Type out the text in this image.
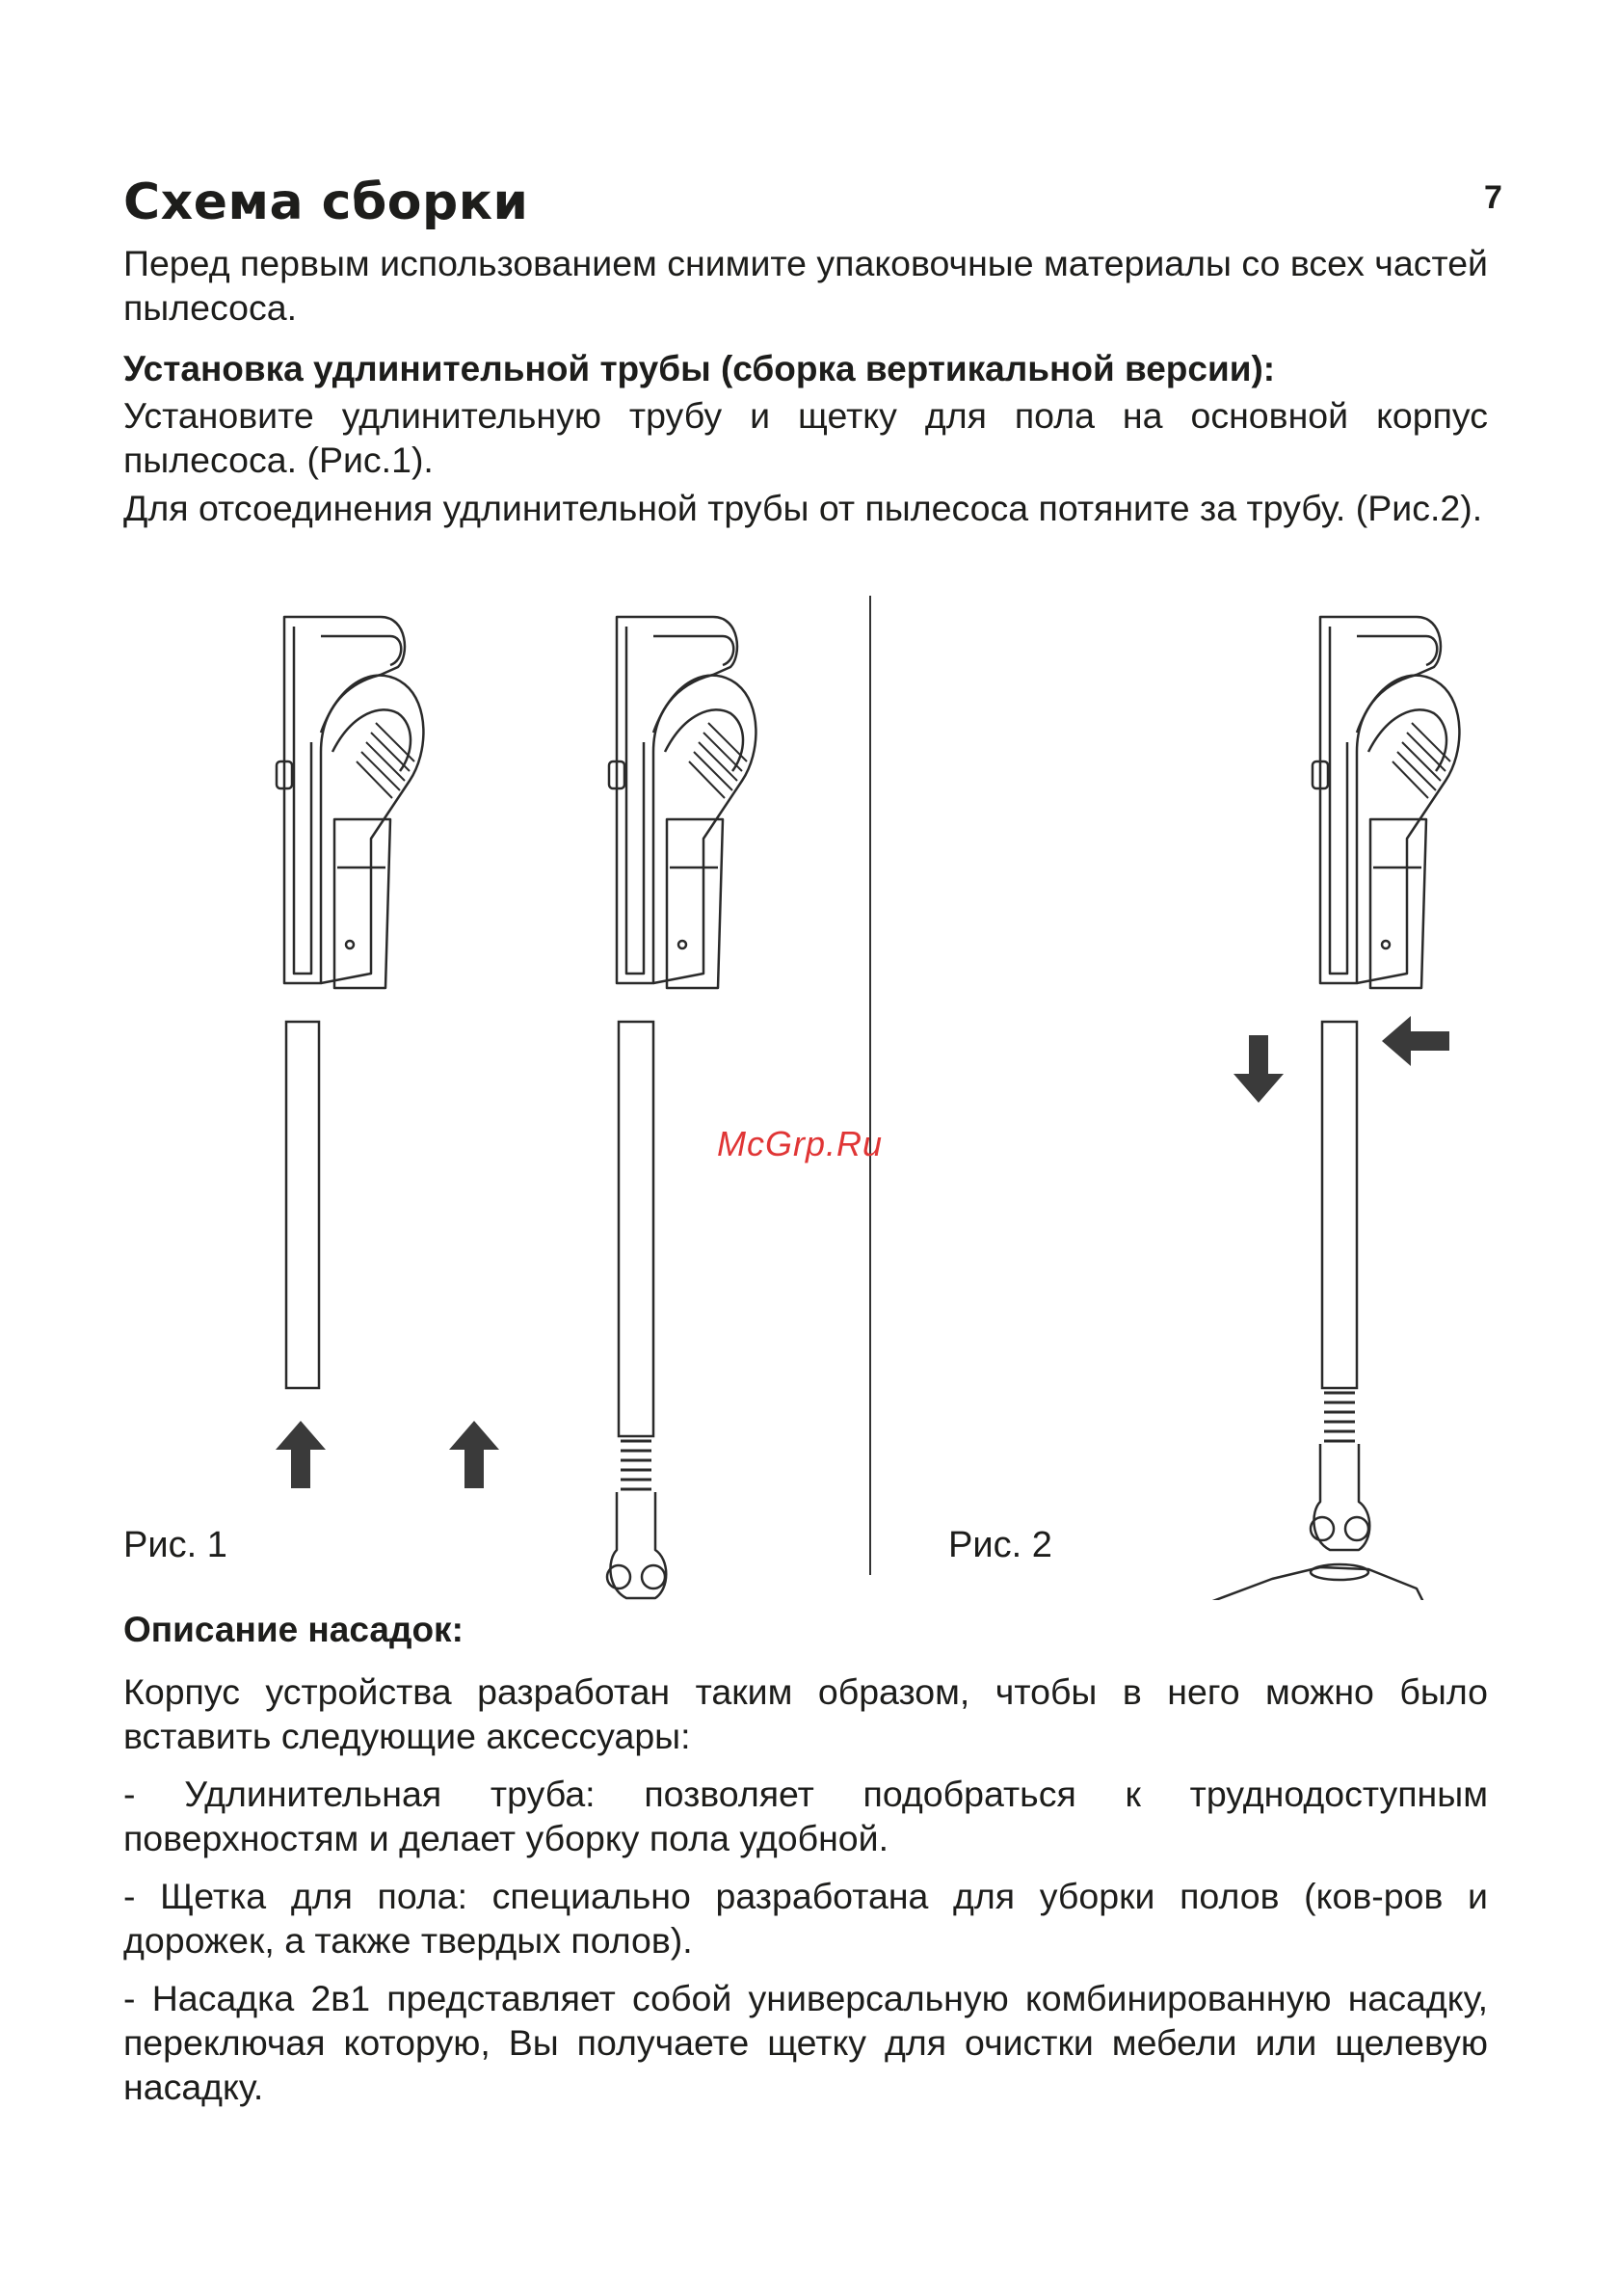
7
Схема сборки

Перед первым использованием снимите упаковочные материалы со всех частей пылесоса.

Установка удлинительной трубы (сборка вертикальной версии):

Установите удлинительную трубу и щетку для пола на основной корпус пылесоса. (Рис.1).

Для отсоединения удлинительной трубы от пылесоса потяните за трубу. (Рис.2).

Рис. 1	Рис. 2
McGrp.Ru
Описание насадок:

Корпус устройства разработан таким образом, чтобы в него можно было вставить следующие аксессуары:

- Удлинительная труба: позволяет подобраться к труднодоступным поверхностям и делает уборку пола удобной.

- Щетка для пола: специально разработана для уборки полов (ков-ров и дорожек, а также твердых полов).

- Насадка 2в1 представляет собой универсальную комбинированную насадку, переключая которую, Вы получаете щетку для очистки мебели или щелевую насадку.
